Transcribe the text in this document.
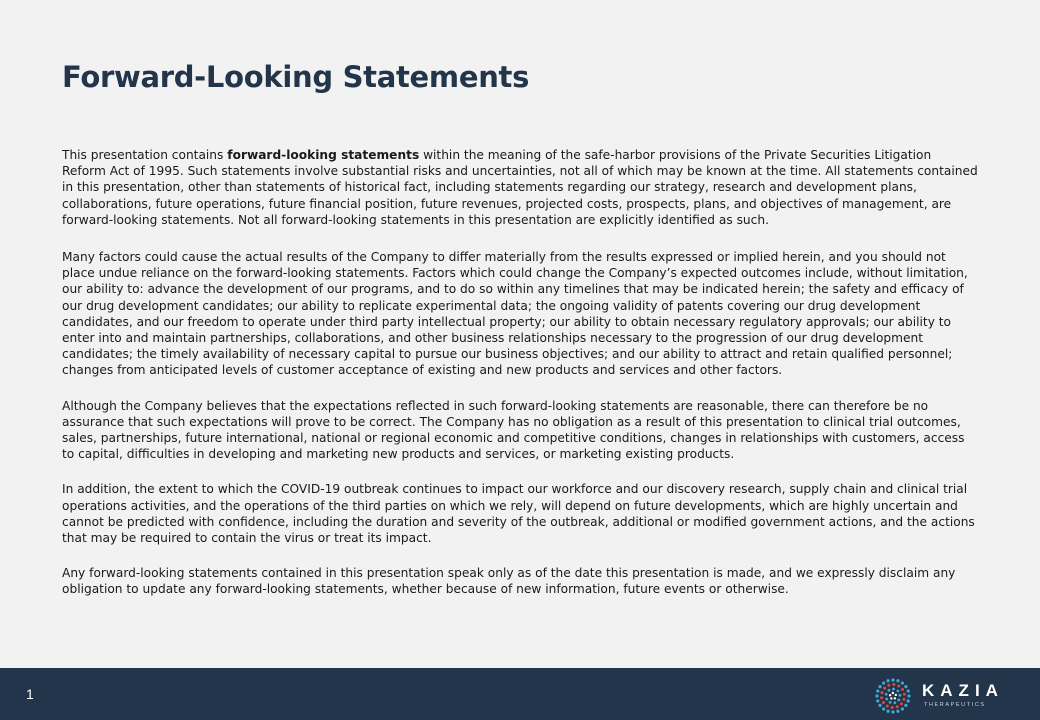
Forward-Looking Statements

This presentation contains forward-looking statements within the meaning of the safe-harbor provisions of the Private Securities Litigation Reform Act of 1995. Such statements involve substantial risks and uncertainties, not all of which may be known at the time. All statements contained in this presentation, other than statements of historical fact, including statements regarding our strategy, research and development plans, collaborations, future operations, future financial position, future revenues, projected costs, prospects, plans, and objectives of management, are forward-looking statements. Not all forward-looking statements in this presentation are explicitly identified as such.

Many factors could cause the actual results of the Company to differ materially from the results expressed or implied herein, and you should not place undue reliance on the forward-looking statements. Factors which could change the Company’s expected outcomes include, without limitation, our ability to: advance the development of our programs, and to do so within any timelines that may be indicated herein; the safety and efficacy of our drug development candidates; our ability to replicate experimental data; the ongoing validity of patents covering our drug development candidates, and our freedom to operate under third party intellectual property; our ability to obtain necessary regulatory approvals; our ability to enter into and maintain partnerships, collaborations, and other business relationships necessary to the progression of our drug development candidates; the timely availability of necessary capital to pursue our business objectives; and our ability to attract and retain qualified personnel; changes from anticipated levels of customer acceptance of existing and new products and services and other factors.

Although the Company believes that the expectations reflected in such forward-looking statements are reasonable, there can therefore be no assurance that such expectations will prove to be correct. The Company has no obligation as a result of this presentation to clinical trial outcomes, sales, partnerships, future international, national or regional economic and competitive conditions, changes in relationships with customers, access to capital, difficulties in developing and marketing new products and services, or marketing existing products.

In addition, the extent to which the COVID-19 outbreak continues to impact our workforce and our discovery research, supply chain and clinical trial operations activities, and the operations of the third parties on which we rely, will depend on future developments, which are highly uncertain and cannot be predicted with confidence, including the duration and severity of the outbreak, additional or modified government actions, and the actions that may be required to contain the virus or treat its impact.

Any forward-looking statements contained in this presentation speak only as of the date this presentation is made, and we expressly disclaim any obligation to update any forward-looking statements, whether because of new information, future events or otherwise.

1	KAZIA
THERAPEUTICS
